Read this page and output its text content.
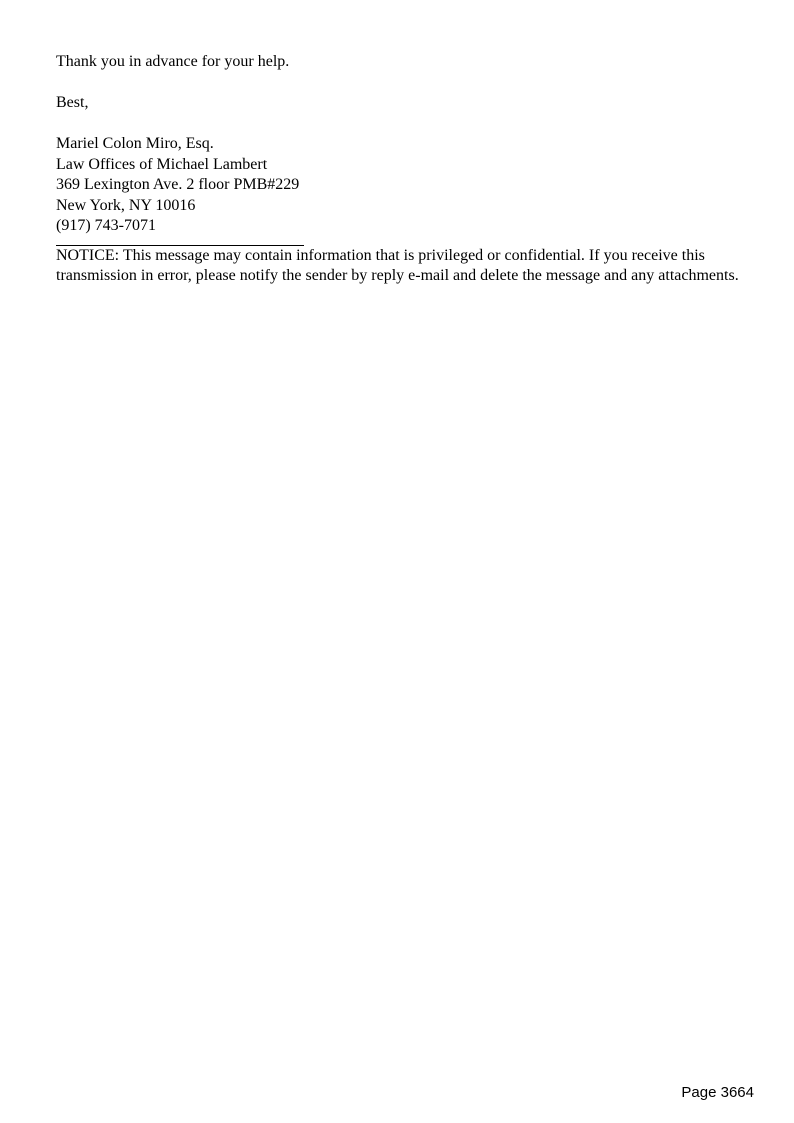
Thank you in advance for your help.

Best,

Mariel Colon Miro, Esq.
Law Offices of Michael Lambert
369 Lexington Ave. 2 floor PMB#229
New York, NY 10016
(917) 743-7071

NOTICE: This message may contain information that is privileged or confidential. If you receive this transmission in error, please notify the sender by reply e-mail and delete the message and any attachments.

Page 3664
